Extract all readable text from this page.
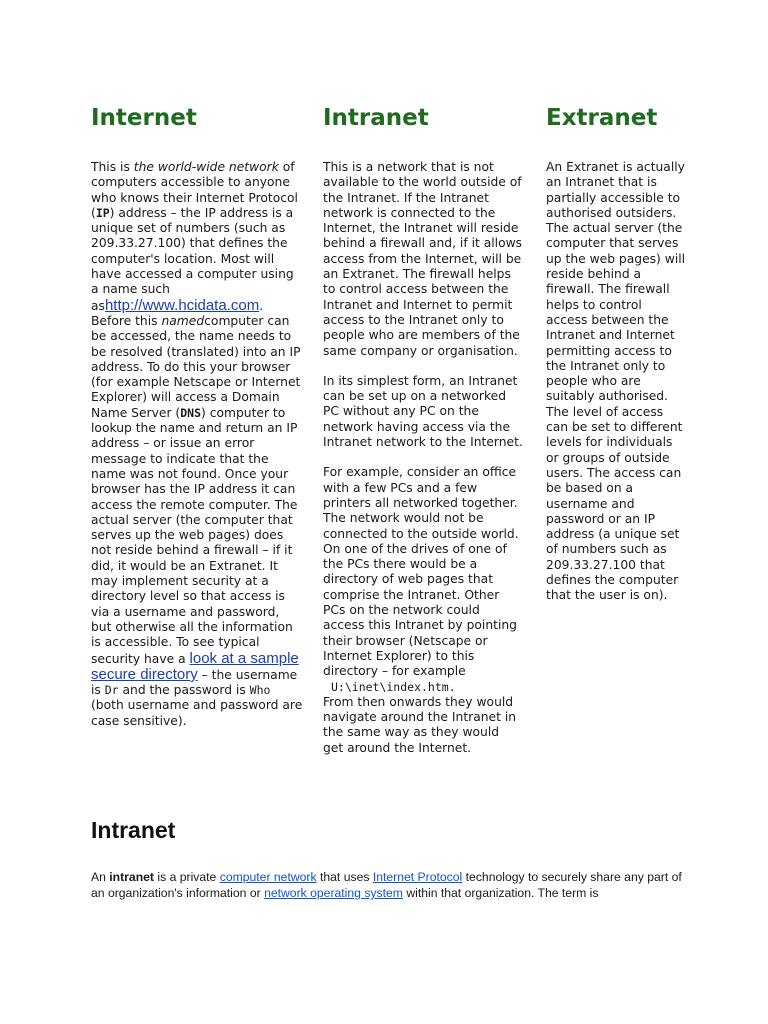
Internet

This is the world-wide network of computers accessible to anyone who knows their Internet Protocol (IP) address – the IP address is a unique set of numbers (such as 209.33.27.100) that defines the computer's location. Most will have accessed a computer using a name such ashttp://www.hcidata.com. Before this namedcomputer can be accessed, the name needs to be resolved (translated) into an IP address. To do this your browser (for example Netscape or Internet Explorer) will access a Domain Name Server (DNS) computer to lookup the name and return an IP address – or issue an error message to indicate that the name was not found. Once your browser has the IP address it can access the remote computer. The actual server (the computer that serves up the web pages) does not reside behind a firewall – if it did, it would be an Extranet. It may implement security at a directory level so that access is via a username and password, but otherwise all the information is accessible. To see typical security have a look at a sample secure directory – the username is Dr and the password is Who (both username and password are case sensitive).

Intranet

This is a network that is not available to the world outside of the Intranet. If the Intranet network is connected to the Internet, the Intranet will reside behind a firewall and, if it allows access from the Internet, will be an Extranet. The firewall helps to control access between the Intranet and Internet to permit access to the Intranet only to people who are members of the same company or organisation.

In its simplest form, an Intranet can be set up on a networked PC without any PC on the network having access via the Intranet network to the Internet.

For example, consider an office with a few PCs and a few printers all networked together. The network would not be connected to the outside world. On one of the drives of one of the PCs there would be a directory of web pages that comprise the Intranet. Other PCs on the network could access this Intranet by pointing their browser (Netscape or Internet Explorer) to this directory – for example
U:\inet\index.htm.
From then onwards they would navigate around the Intranet in the same way as they would get around the Internet.

Extranet

An Extranet is actually an Intranet that is partially accessible to authorised outsiders. The actual server (the computer that serves up the web pages) will reside behind a firewall. The firewall helps to control access between the Intranet and Internet permitting access to the Intranet only to people who are suitably authorised. The level of access can be set to different levels for individuals or groups of outside users. The access can be based on a username and password or an IP address (a unique set of numbers such as 209.33.27.100 that defines the computer that the user is on).

Intranet

An intranet is a private computer network that uses Internet Protocol technology to securely share any part of an organization's information or network operating system within that organization. The term is
